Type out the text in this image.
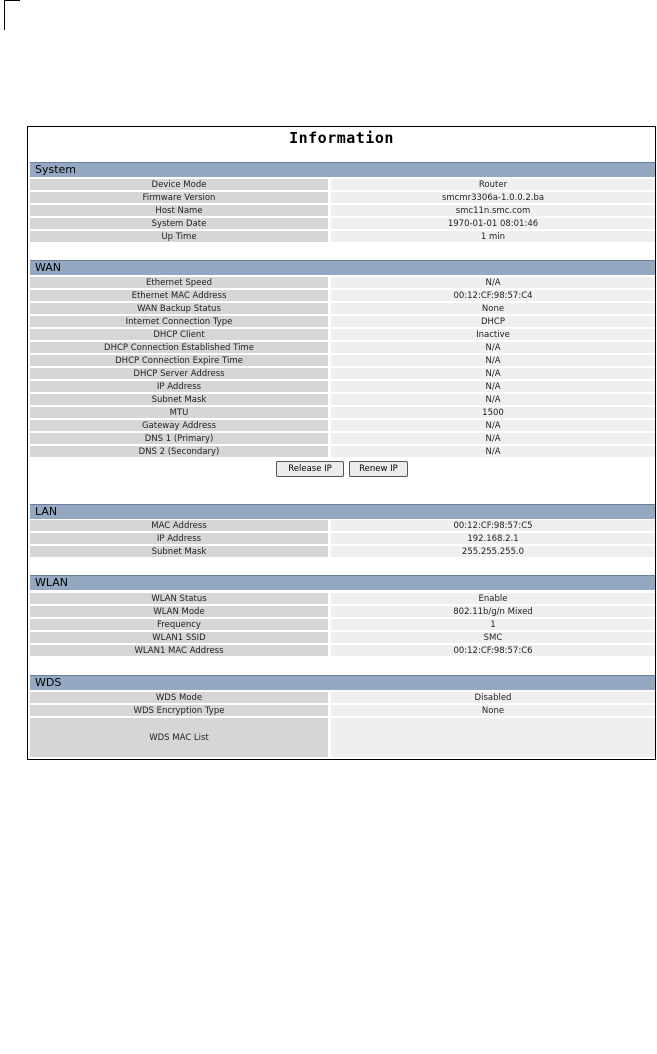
Information
System
Device Mode	Router
Firmware Version	smcmr3306a-1.0.0.2.ba
Host Name	smc11n.smc.com
System Date	1970-01-01 08:01:46
Up Time	1 min
WAN
Ethernet Speed	N/A
Ethernet MAC Address	00:12:CF:98:57:C4
WAN Backup Status	None
Internet Connection Type	DHCP
DHCP Client	Inactive
DHCP Connection Established Time	N/A
DHCP Connection Expire Time	N/A
DHCP Server Address	N/A
IP Address	N/A
Subnet Mask	N/A
MTU	1500
Gateway Address	N/A
DNS 1 (Primary)	N/A
DNS 2 (Secondary)	N/A
Release IP	Renew IP
LAN
MAC Address	00:12:CF:98:57:C5
IP Address	192.168.2.1
Subnet Mask	255.255.255.0
WLAN
WLAN Status	Enable
WLAN Mode	802.11b/g/n Mixed
Frequency	1
WLAN1 SSID	SMC
WLAN1 MAC Address	00:12:CF:98:57:C6
WDS
WDS Mode	Disabled
WDS Encryption Type	None
WDS MAC List
